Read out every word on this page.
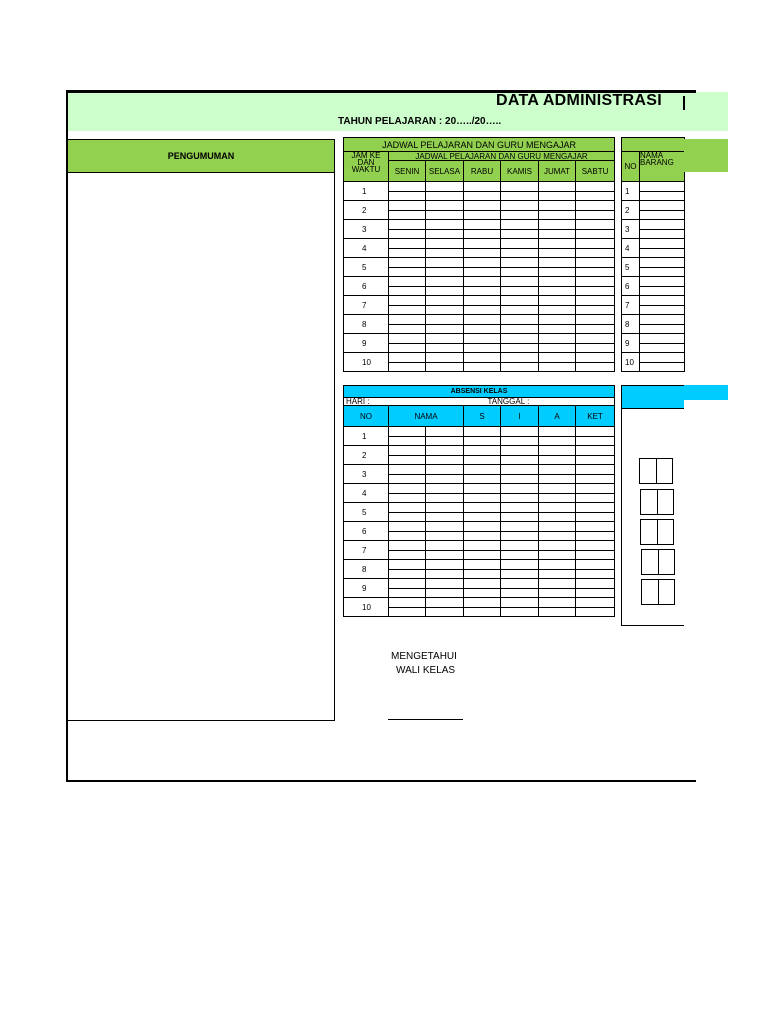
DATA ADMINISTRASI
TAHUN PELAJARAN : 20…../20…..
PENGUMUMAN
JADWAL PELAJARAN DAN GURU MENGAJAR						
JAM KE DAN WAKTU	JADWAL PELAJARAN DAN GURU MENGAJAR					
	SENIN	SELASA	RABU	KAMIS	JUMAT	SABTU
1						

2						

3						

4						

5						

6						

7						

8						

9						

10						

NO	NAMA BARANG
1	

2	

3	

4	

5	

6	

7	

8	

9	

10	

ABSENSI KELAS						
HARI :			TANGGAL :			
NO	NAMA		S	I	A	KET
1						

2						

3						

4						

5						

6						

7						

8						

9						

10						

MENGETAHUI
WALI KELAS
